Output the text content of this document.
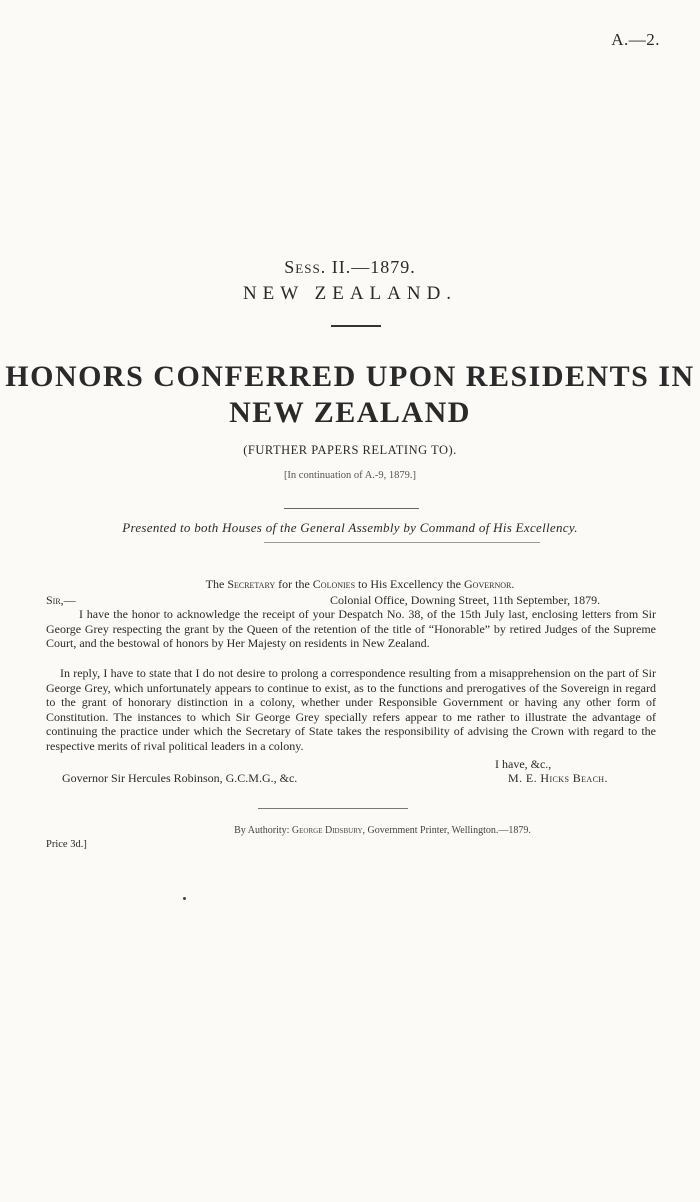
A.—2.
Sess. II.—1879.
NEW ZEALAND.
HONORS CONFERRED UPON RESIDENTS IN
NEW ZEALAND
(FURTHER PAPERS RELATING TO).
[In continuation of A.-9, 1879.]
Presented to both Houses of the General Assembly by Command of His Excellency.
The Secretary for the Colonies to His Excellency the Governor.
Sir,—	Colonial Office, Downing Street, 11th September, 1879.
I have the honor to acknowledge the receipt of your Despatch No. 38, of the 15th July last, enclosing letters from Sir George Grey respecting the grant by the Queen of the retention of the title of “Honorable” by retired Judges of the Supreme Court, and the bestowal of honors by Her Majesty on residents in New Zealand.
In reply, I have to state that I do not desire to prolong a correspondence resulting from a misapprehension on the part of Sir George Grey, which unfortunately appears to continue to exist, as to the functions and prerogatives of the Sovereign in regard to the grant of honorary distinction in a colony, whether under Responsible Government or having any other form of Constitution. The instances to which Sir George Grey specially refers appear to me rather to illustrate the advantage of continuing the practice under which the Secretary of State takes the responsibility of advising the Crown with regard to the respective merits of rival political leaders in a colony.
I have, &c.,
Governor Sir Hercules Robinson, G.C.M.G., &c.	M. E. Hicks Beach.
By Authority: George Didsbury, Government Printer, Wellington.—1879.
Price 3d.]
